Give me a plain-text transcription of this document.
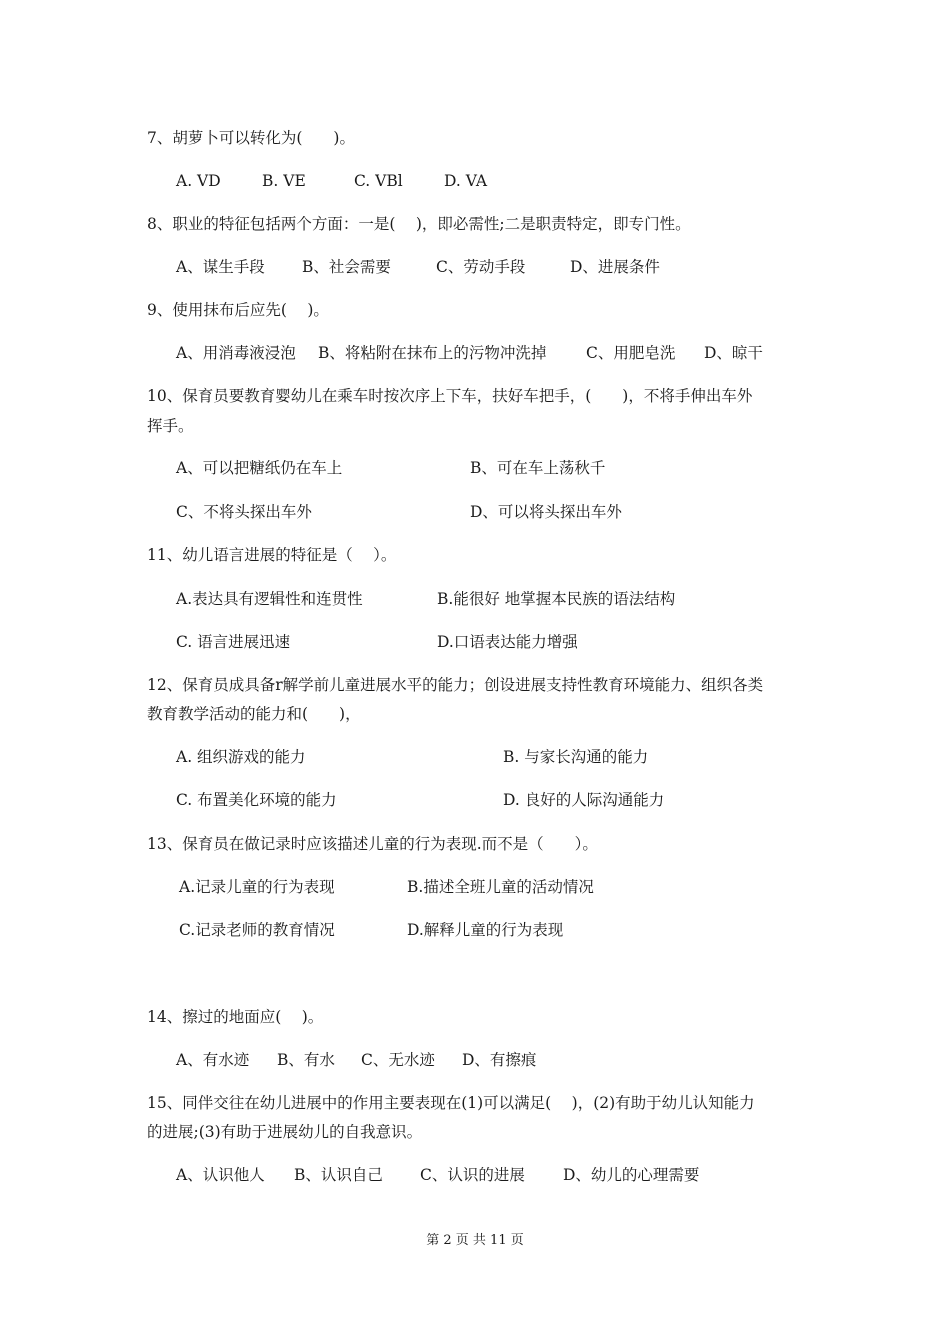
7、胡萝卜可以转化为(　　)。
A. VD	B. VE	C. VBl	D. VA
8、职业的特征包括两个方面：一是(　 )，即必需性;二是职责特定，即专门性。
A、谋生手段 B、社会需要	C、劳动手段	D、进展条件
9、使用抹布后应先(　 )。
A、用消毒液浸泡 B、将粘附在抹布上的污物冲洗掉	C、用肥皂洗 D、晾干
10、保育员要教育婴幼儿在乘车时按次序上下车，扶好车把手，(　　)，不将手伸出车外
挥手。
A、可以把糖纸仍在车上	B、可在车上荡秋千
C、不将头探出车外	D、可以将头探出车外
11、幼儿语言进展的特征是（　 ）。
A.表达具有逻辑性和连贯性	B.能很好 地掌握本民族的语法结构
C. 语言进展迅速	D.口语表达能力增强
12、保育员成具备r解学前儿童进展水平的能力；创设进展支持性教育环境能力、组织各类
教育教学活动的能力和(　　)，
A. 组织游戏的能力	B. 与家长沟通的能力
C. 布置美化环境的能力	D. 良好的人际沟通能力
13、保育员在做记录时应该描述儿童的行为表现.而不是（　　）。
A.记录儿童的行为表现	B.描述全班儿童的活动情况
C.记录老师的教育情况	D.解释儿童的行为表现
14、擦过的地面应(　 )。
A、有水迹 B、有水 C、无水迹 D、有擦痕
15、同伴交往在幼儿进展中的作用主要表现在(1)可以满足(　 )，(2)有助于幼儿认知能力
的进展;(3)有助于进展幼儿的自我意识。
A、认识他人 B、认识自己 C、认识的进展 D、幼儿的心理需要
第 2 页 共 11 页
